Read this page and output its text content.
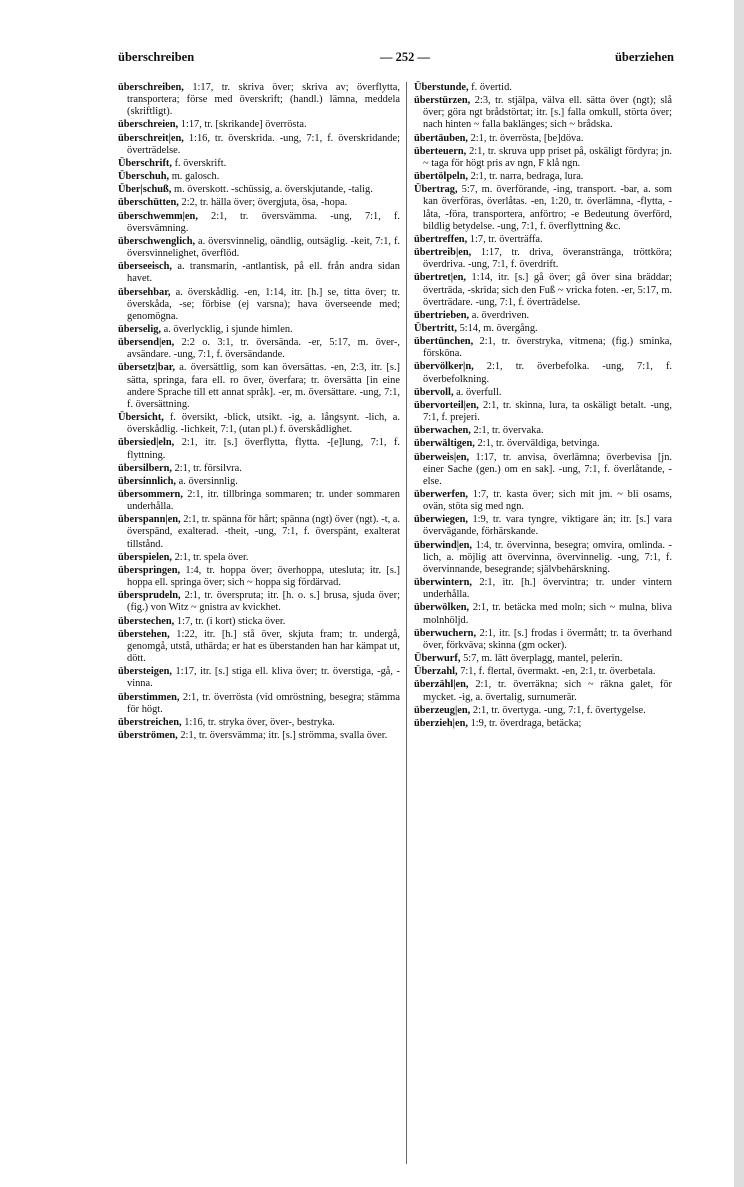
überschreiben	— 252 —	überziehen

überschreiben, 1:17, tr. skriva över; skriva av; överflytta, transportera; förse med överskrift; (handl.) lämna, meddela (skriftligt).

überschreien, 1:17, tr. [skrikande] överrösta.

überschreit|en, 1:16, tr. överskrida. -ung, 7:1, f. överskridande; överträdelse.

Überschrift, f. överskrift.

Überschuh, m. galosch.

Über|schuß, m. överskott. -schüssig, a. överskjutande, -talig.

überschütten, 2:2, tr. hälla över; övergjuta, ösa, -hopa.

überschwemm|en, 2:1, tr. översvämma. -ung, 7:1, f. översvämning.

überschwenglich, a. översvinnelig, oändlig, outsäglig. -keit, 7:1, f. översvinnelighet, överflöd.

überseeisch, a. transmarin, -antlantisk, på ell. från andra sidan havet.

übersehbar, a. överskådlig. -en, 1:14, itr. [h.] se, titta över; tr. överskåda, -se; förbise (ej varsna); hava överseende med; genomögna.

überselig, a. överlycklig, i sjunde himlen.

übersend|en, 2:2 o. 3:1, tr. översända. -er, 5:17, m. över-, avsändare. -ung, 7:1, f. översändande.

übersetz|bar, a. översättlig, som kan översättas. -en, 2:3, itr. [s.] sätta, springa, fara ell. ro över, överfara; tr. översätta [in eine andere Sprache till ett annat språk]. -er, m. översättare. -ung, 7:1, f. översättning.

Übersicht, f. översikt, -blick, utsikt. -ig, a. långsynt. -lich, a. överskådlig. -lichkeit, 7:1, (utan pl.) f. överskådlighet.

übersied|eln, 2:1, itr. [s.] överflytta, flytta. -[e]lung, 7:1, f. flyttning.

übersilbern, 2:1, tr. försilvra.

übersinnlich, a. översinnlig.

übersommern, 2:1, itr. tillbringa sommaren; tr. under sommaren underhålla.

überspann|en, 2:1, tr. spänna för hårt; spänna (ngt) över (ngt). -t, a. överspänd, exalterad. -theit, -ung, 7:1, f. överspänt, exalterat tillstånd.

überspielen, 2:1, tr. spela över.

überspringen, 1:4, tr. hoppa över; överhoppa, utesluta; itr. [s.] hoppa ell. springa över; sich ~ hoppa sig fördärvad.

übersprudeln, 2:1, tr. överspruta; itr. [h. o. s.] brusa, sjuda över; (fig.) von Witz ~ gnistra av kvickhet.

überstechen, 1:7, tr. (i kort) sticka över.

überstehen, 1:22, itr. [h.] stå över, skjuta fram; tr. undergå, genomgå, utstå, uthärda; er hat es überstanden han har kämpat ut, dött.

übersteigen, 1:17, itr. [s.] stiga ell. kliva över; tr. överstiga, -gå, -vinna.

überstimmen, 2:1, tr. överrösta (vid omröstning, besegra; stämma för högt.

überstreichen, 1:16, tr. stryka över, över-, bestryka.

überströmen, 2:1, tr. översvämma; itr. [s.] strömma, svalla över.

Überstunde, f. övertid.

überstürzen, 2:3, tr. stjälpa, välva ell. sätta över (ngt); slå över; göra ngt brådstörtat; itr. [s.] falla omkull, störta över; nach hinten ~ falla baklänges; sich ~ brådska.

übertäuben, 2:1, tr. överrösta, [be]döva.

überteuern, 2:1, tr. skruva upp priset på, oskäligt fördyra; jn. ~ taga för högt pris av ngn, F klå ngn.

übertölpeln, 2:1, tr. narra, bedraga, lura.

Übertrag, 5:7, m. överförande, -ing, transport. -bar, a. som kan överföras, överlåtas. -en, 1:20, tr. överlämna, -flytta, -låta, -föra, transportera, anförtro; -e Bedeutung överförd, bildlig betydelse. -ung, 7:1, f. överflyttning &c.

übertreffen, 1:7, tr. överträffa.

übertreib|en, 1:17, tr. driva, överansträngа, tröttköra; överdriva. -ung, 7:1, f. överdrift.

übertret|en, 1:14, itr. [s.] gå över; gå över sina bräddar; överträda, -skrida; sich den Fuß ~ vricka foten. -er, 5:17, m. överträdare. -ung, 7:1, f. överträdelse.

übertrieben, a. överdriven.

Übertritt, 5:14, m. övergång.

übertünchen, 2:1, tr. överstryka, vitmena; (fig.) sminka, försköna.

übervölker|n, 2:1, tr. överbefolka. -ung, 7:1, f. överbefolkning.

übervoll, a. överfull.

übervorteil|en, 2:1, tr. skinna, lura, ta oskäligt betalt. -ung, 7:1, f. prejeri.

überwachen, 2:1, tr. övervaka.

überwältigen, 2:1, tr. överväldiga, betvinga.

überweis|en, 1:17, tr. anvisa, överlämna; överbevisa [jn. einer Sache (gen.) om en sak]. -ung, 7:1, f. överlåtande, -else.

überwerfen, 1:7, tr. kasta över; sich mit jm. ~ bli osams, ovän, stöta sig med ngn.

überwiegen, 1:9, tr. vara tyngre, viktigare än; itr. [s.] vara övervägande, förhärskande.

überwind|en, 1:4, tr. övervinna, besegra; omvira, omlinda. -lich, a. möjlig att övervinna, övervinnelig. -ung, 7:1, f. övervinnande, besegrande; självbehärskning.

überwintern, 2:1, itr. [h.] övervintra; tr. under vintern underhålla.

überwölken, 2:1, tr. betäcka med moln; sich ~ mulna, bliva molnhöljd.

überwuchern, 2:1, itr. [s.] frodas i övermått; tr. ta överhand över, förkväva; skinna (gm ocker).

Überwurf, 5:7, m. lätt överplagg, mantel, pelerin.

Überzahl, 7:1, f. flertal, övermakt. -en, 2:1, tr. överbetala.

überzähl|en, 2:1, tr. överräkna; sich ~ räkna galet, för mycket. -ig, a. övertalig, surnumerär.

überzeug|en, 2:1, tr. övertyga. -ung, 7:1, f. övertygelse.

überzieh|en, 1:9, tr. överdraga, betäcka;
